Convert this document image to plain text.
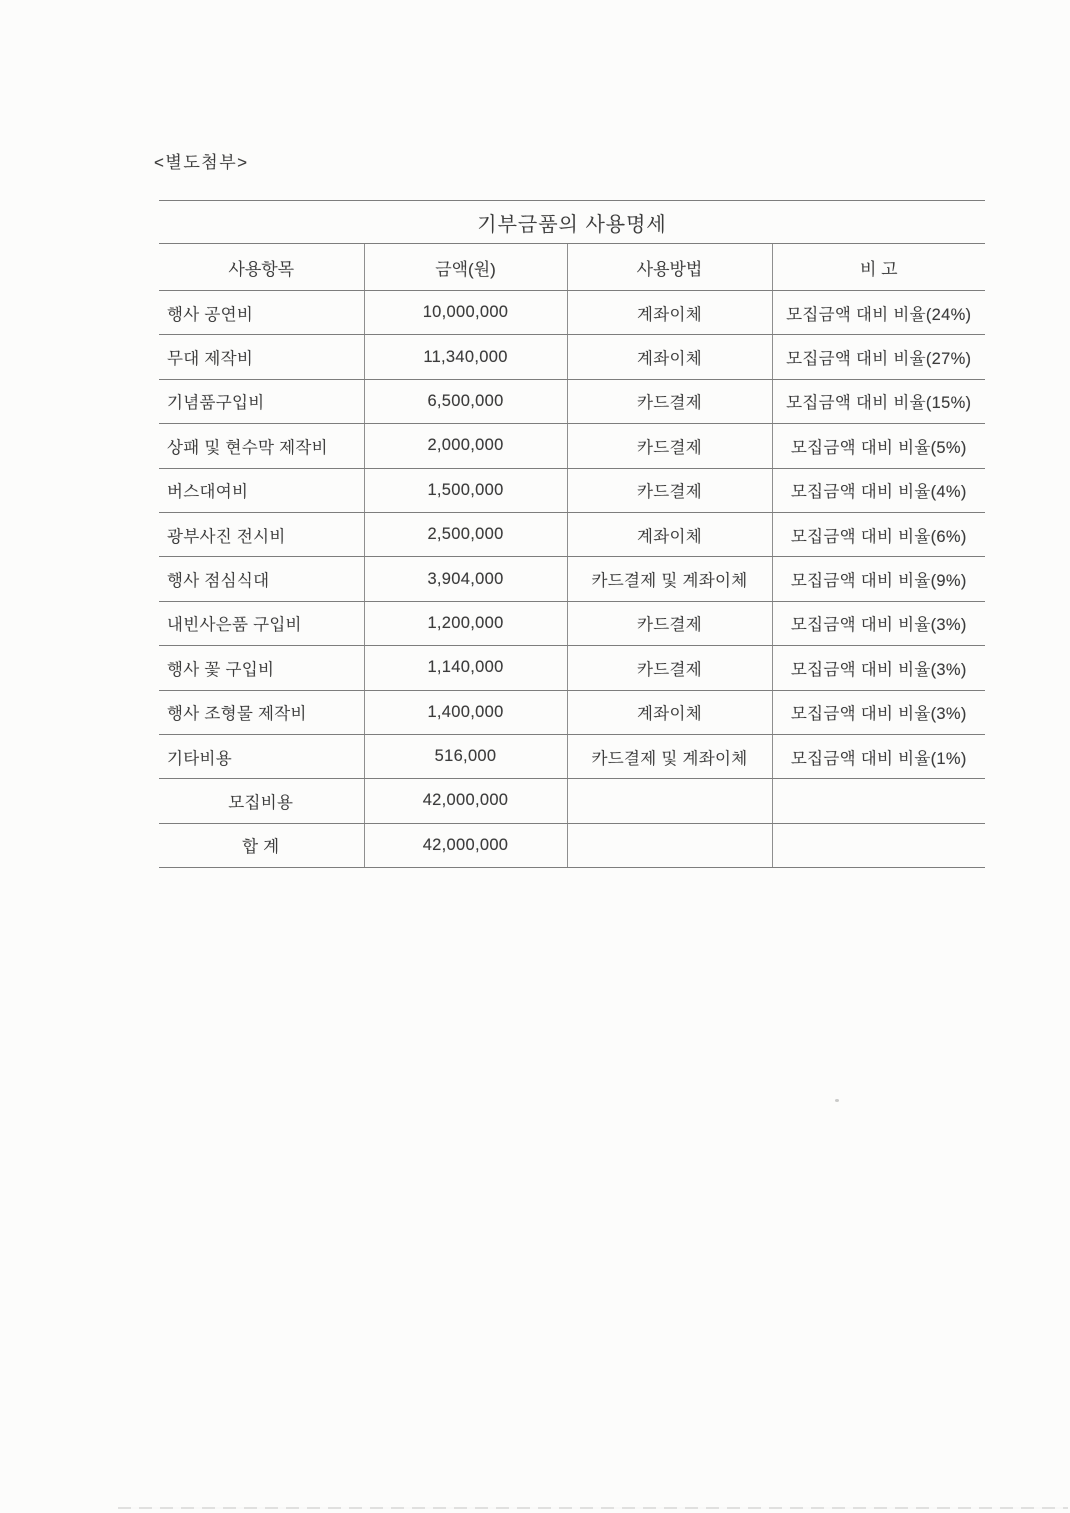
<별도첨부>
기부금품의 사용명세
사용항목	금액(원)	사용방법	비 고
행사 공연비	10,000,000	계좌이체	모집금액 대비 비율(24%)
무대 제작비	11,340,000	계좌이체	모집금액 대비 비율(27%)
기념품구입비	6,500,000	카드결제	모집금액 대비 비율(15%)
상패 및 현수막 제작비	2,000,000	카드결제	모집금액 대비 비율(5%)
버스대여비	1,500,000	카드결제	모집금액 대비 비율(4%)
광부사진 전시비	2,500,000	계좌이체	모집금액 대비 비율(6%)
행사 점심식대	3,904,000	카드결제 및 계좌이체	모집금액 대비 비율(9%)
내빈사은품 구입비	1,200,000	카드결제	모집금액 대비 비율(3%)
행사 꽃 구입비	1,140,000	카드결제	모집금액 대비 비율(3%)
행사 조형물 제작비	1,400,000	계좌이체	모집금액 대비 비율(3%)
기타비용	516,000	카드결제 및 계좌이체	모집금액 대비 비율(1%)
모집비용	42,000,000		
합 계	42,000,000		
